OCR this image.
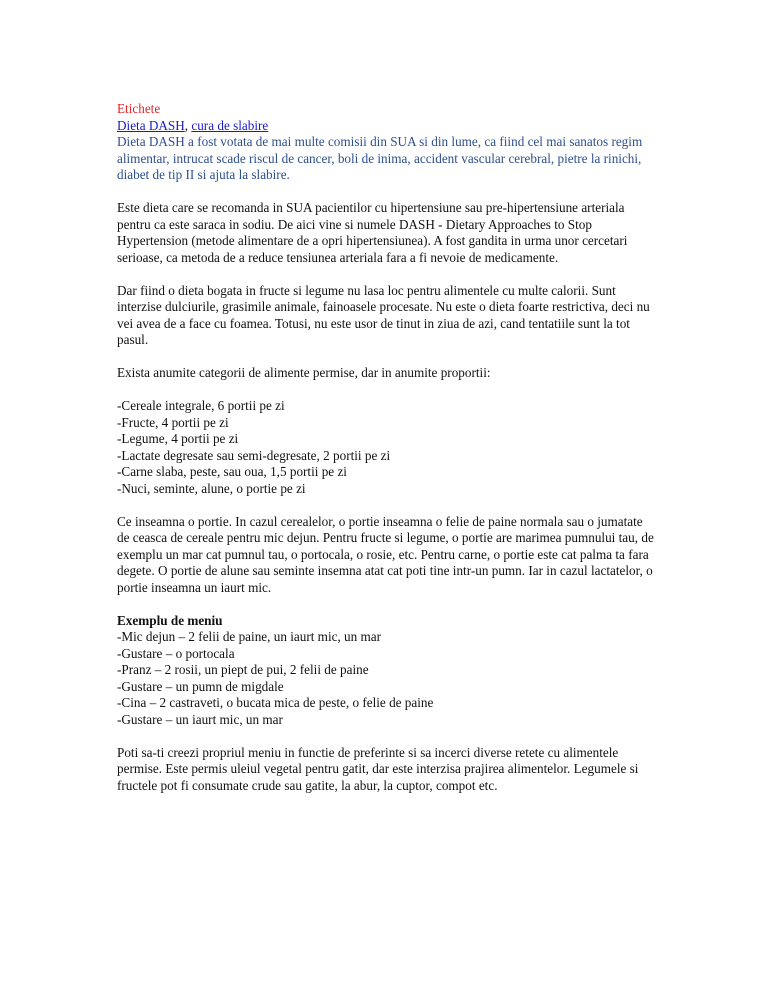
Etichete
Dieta DASH, cura de slabire
Dieta DASH a fost votata de mai multe comisii din SUA si din lume, ca fiind cel mai sanatos regim alimentar, intrucat scade riscul de cancer, boli de inima, accident vascular cerebral, pietre la rinichi, diabet de tip II si ajuta la slabire.

Este dieta care se recomanda in SUA pacientilor cu hipertensiune sau pre-hipertensiune arteriala pentru ca este saraca in sodiu. De aici vine si numele DASH - Dietary Approaches to Stop Hypertension (metode alimentare de a opri hipertensiunea). A fost gandita in urma unor cercetari serioase, ca metoda de a reduce tensiunea arteriala fara a fi nevoie de medicamente.

Dar fiind o dieta bogata in fructe si legume nu lasa loc pentru alimentele cu multe calorii. Sunt interzise dulciurile, grasimile animale, fainoasele procesate. Nu este o dieta foarte restrictiva, deci nu vei avea de a face cu foamea. Totusi, nu este usor de tinut in ziua de azi, cand tentatiile sunt la tot pasul.

Exista anumite categorii de alimente permise, dar in anumite proportii:

-Cereale integrale, 6 portii pe zi
-Fructe, 4 portii pe zi
-Legume, 4 portii pe zi
-Lactate degresate sau semi-degresate, 2 portii pe zi
-Carne slaba, peste, sau oua, 1,5 portii pe zi
-Nuci, seminte, alune, o portie pe zi

Ce inseamna o portie. In cazul cerealelor, o portie inseamna o felie de paine normala sau o jumatate de ceasca de cereale pentru mic dejun. Pentru fructe si legume, o portie are marimea pumnului tau, de exemplu un mar cat pumnul tau, o portocala, o rosie, etc. Pentru carne, o portie este cat palma ta fara degete. O portie de alune sau seminte insemna atat cat poti tine intr-un pumn. Iar in cazul lactatelor, o portie inseamna un iaurt mic.

Exemplu de meniu
-Mic dejun – 2 felii de paine, un iaurt mic, un mar
-Gustare – o portocala
-Pranz – 2 rosii, un piept de pui, 2 felii de paine
-Gustare – un pumn de migdale
-Cina – 2 castraveti, o bucata mica de peste, o felie de paine
-Gustare – un iaurt mic, un mar

Poti sa-ti creezi propriul meniu in functie de preferinte si sa incerci diverse retete cu alimentele permise. Este permis uleiul vegetal pentru gatit, dar este interzisa prajirea alimentelor. Legumele si fructele pot fi consumate crude sau gatite, la abur, la cuptor, compot etc.
